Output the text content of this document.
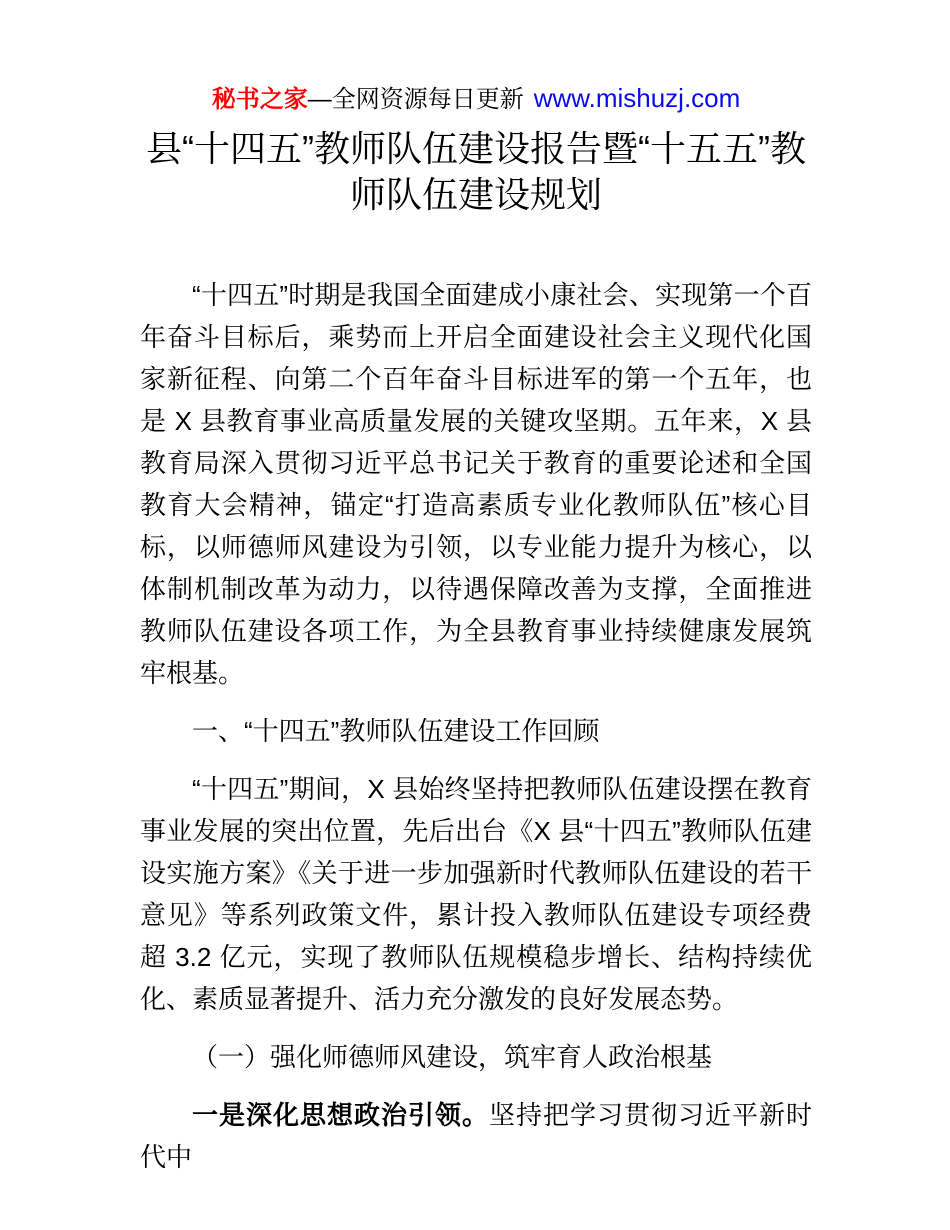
秘书之家—全网资源每日更新 www.mishuzj.com
县“十四五”教师队伍建设报告暨“十五五”教师队伍建设规划

“十四五”时期是我国全面建成小康社会、实现第一个百年奋斗目标后，乘势而上开启全面建设社会主义现代化国家新征程、向第二个百年奋斗目标进军的第一个五年，也是 X 县教育事业高质量发展的关键攻坚期。五年来，X 县教育局深入贯彻习近平总书记关于教育的重要论述和全国教育大会精神，锚定“打造高素质专业化教师队伍”核心目标，以师德师风建设为引领，以专业能力提升为核心，以体制机制改革为动力，以待遇保障改善为支撑，全面推进教师队伍建设各项工作，为全县教育事业持续健康发展筑牢根基。

一、“十四五”教师队伍建设工作回顾

“十四五”期间，X 县始终坚持把教师队伍建设摆在教育事业发展的突出位置，先后出台《X 县“十四五”教师队伍建设实施方案》《关于进一步加强新时代教师队伍建设的若干意见》等系列政策文件，累计投入教师队伍建设专项经费超 3.2 亿元，实现了教师队伍规模稳步增长、结构持续优化、素质显著提升、活力充分激发的良好发展态势。

（一）强化师德师风建设，筑牢育人政治根基

一是深化思想政治引领。坚持把学习贯彻习近平新时代中
